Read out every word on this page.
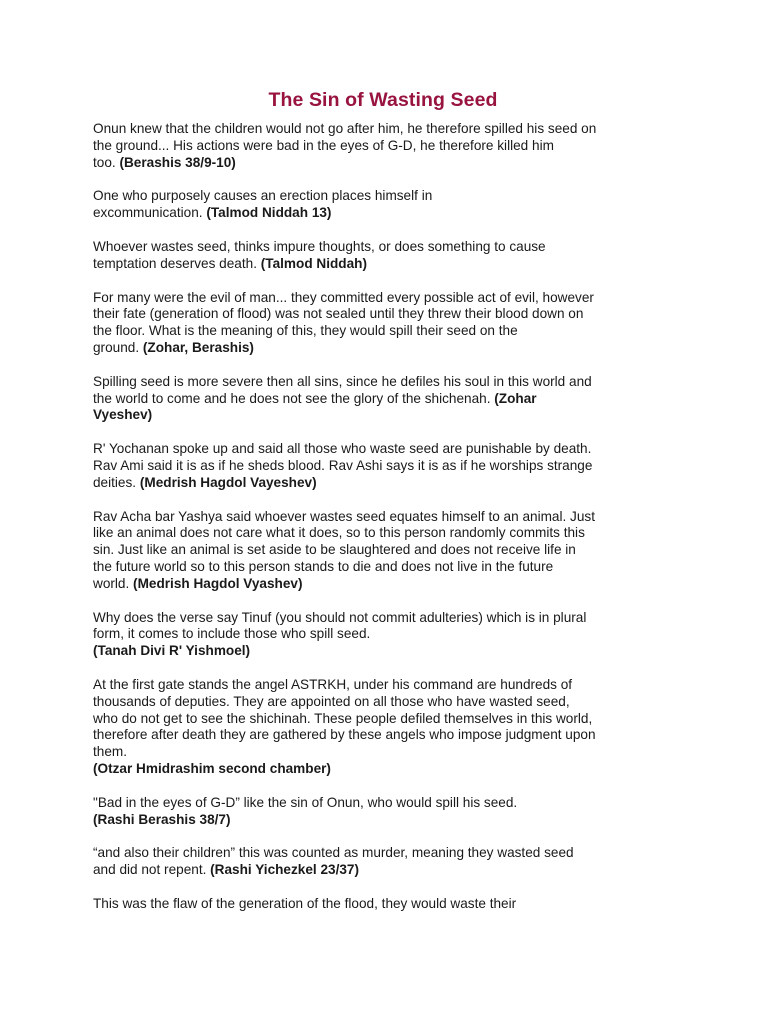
The Sin of Wasting Seed

Onun knew that the children would not go after him, he therefore spilled his seed on
the ground... His actions were bad in the eyes of G-D, he therefore killed him
too. (Berashis 38/9-10)

One who purposely causes an erection places himself in
excommunication. (Talmod Niddah 13)

Whoever wastes seed, thinks impure thoughts, or does something to cause
temptation deserves death. (Talmod Niddah)

For many were the evil of man... they committed every possible act of evil, however
their fate (generation of flood) was not sealed until they threw their blood down on
the floor. What is the meaning of this, they would spill their seed on the
ground. (Zohar, Berashis)

Spilling seed is more severe then all sins, since he defiles his soul in this world and
the world to come and he does not see the glory of the shichenah. (Zohar
Vyeshev)

R' Yochanan spoke up and said all those who waste seed are punishable by death.
Rav Ami said it is as if he sheds blood. Rav Ashi says it is as if he worships strange
deities. (Medrish Hagdol Vayeshev)

Rav Acha bar Yashya said whoever wastes seed equates himself to an animal. Just
like an animal does not care what it does, so to this person randomly commits this
sin. Just like an animal is set aside to be slaughtered and does not receive life in
the future world so to this person stands to die and does not live in the future
world. (Medrish Hagdol Vyashev)

Why does the verse say Tinuf (you should not commit adulteries) which is in plural
form, it comes to include those who spill seed.
(Tanah Divi R' Yishmoel)

At the first gate stands the angel ASTRKH, under his command are hundreds of
thousands of deputies. They are appointed on all those who have wasted seed,
who do not get to see the shichinah. These people defiled themselves in this world,
therefore after death they are gathered by these angels who impose judgment upon
them.
(Otzar Hmidrashim second chamber)

"Bad in the eyes of G-D” like the sin of Onun, who would spill his seed.
(Rashi Berashis 38/7)

“and also their children” this was counted as murder, meaning they wasted seed
and did not repent. (Rashi Yichezkel 23/37)

This was the flaw of the generation of the flood, they would waste their
